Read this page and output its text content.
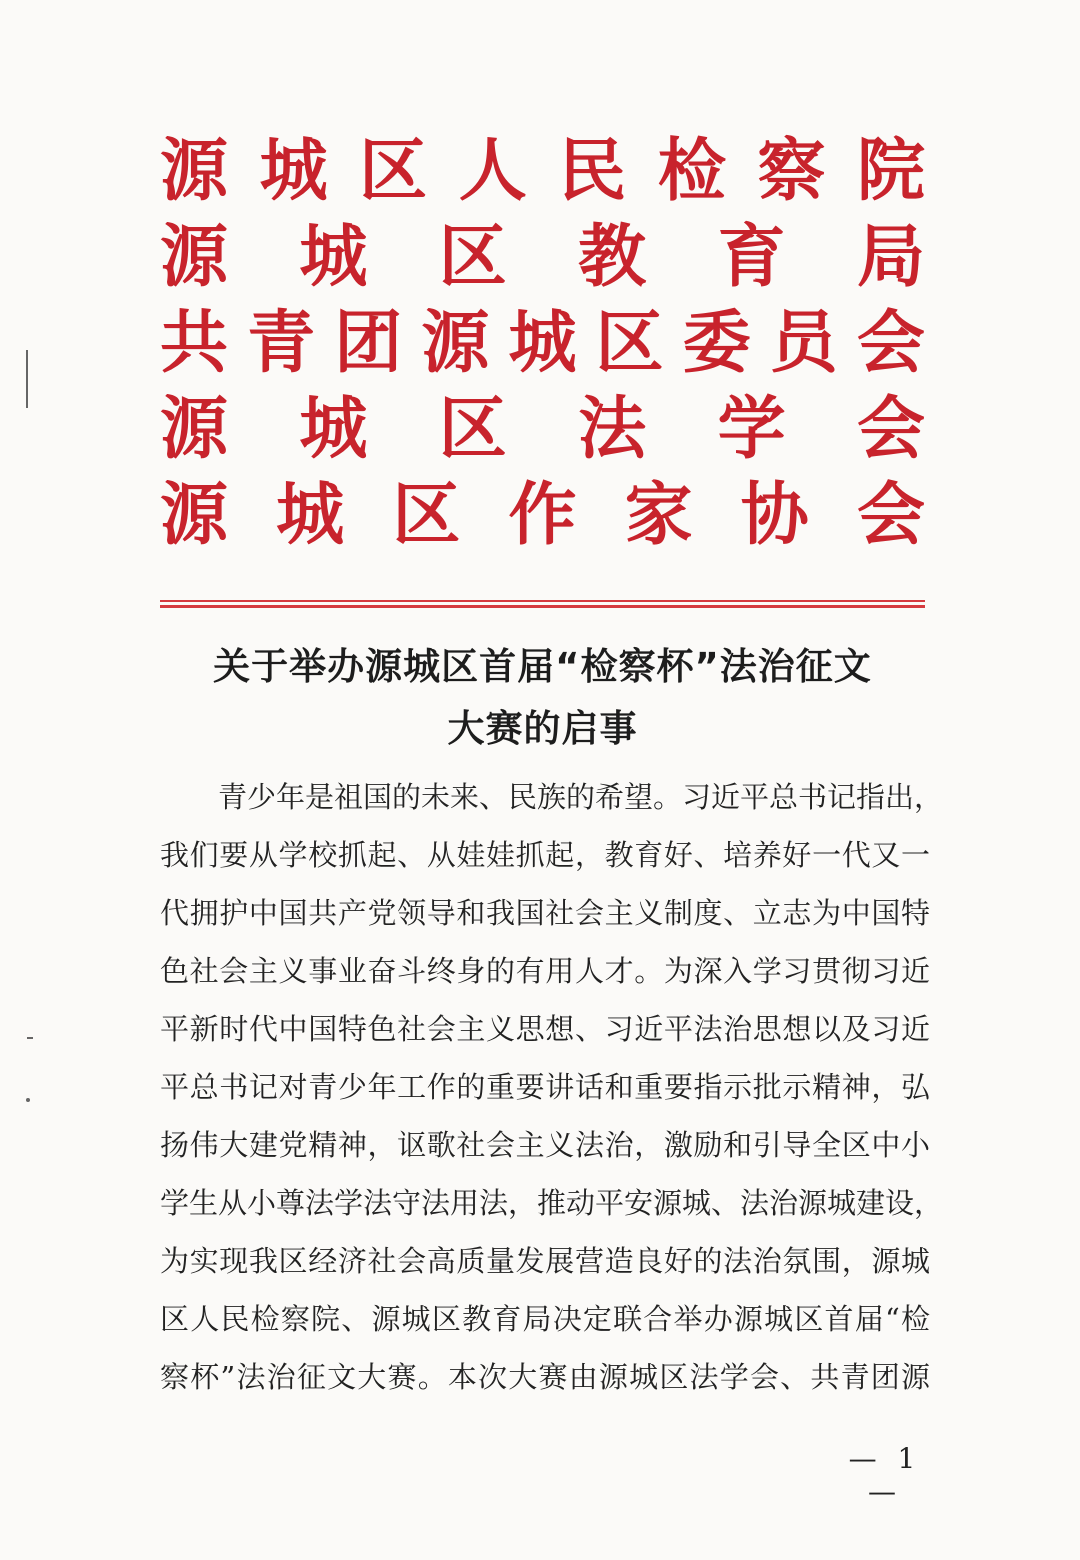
源 城 区 人 民 检 察 院
源 城 区 教 育 局
共 青 团 源 城 区 委 员 会
源 城 区 法 学 会
源 城 区 作 家 协 会
关于举办源城区首届“检察杯”法治征文
大赛的启事
青少年是祖国的未来、民族的希望。习近平总书记指出，
我们要从学校抓起、从娃娃抓起，教育好、培养好一代又一
代拥护中国共产党领导和我国社会主义制度、立志为中国特
色社会主义事业奋斗终身的有用人才。为深入学习贯彻习近
平新时代中国特色社会主义思想、习近平法治思想以及习近
平总书记对青少年工作的重要讲话和重要指示批示精神，弘
扬伟大建党精神，讴歌社会主义法治，激励和引导全区中小
学生从小尊法学法守法用法，推动平安源城、法治源城建设，
为实现我区经济社会高质量发展营造良好的法治氛围，源城
区人民检察院、源城区教育局决定联合举办源城区首届“检
察杯”法治征文大赛。本次大赛由源城区法学会、共青团源
— 1 —
